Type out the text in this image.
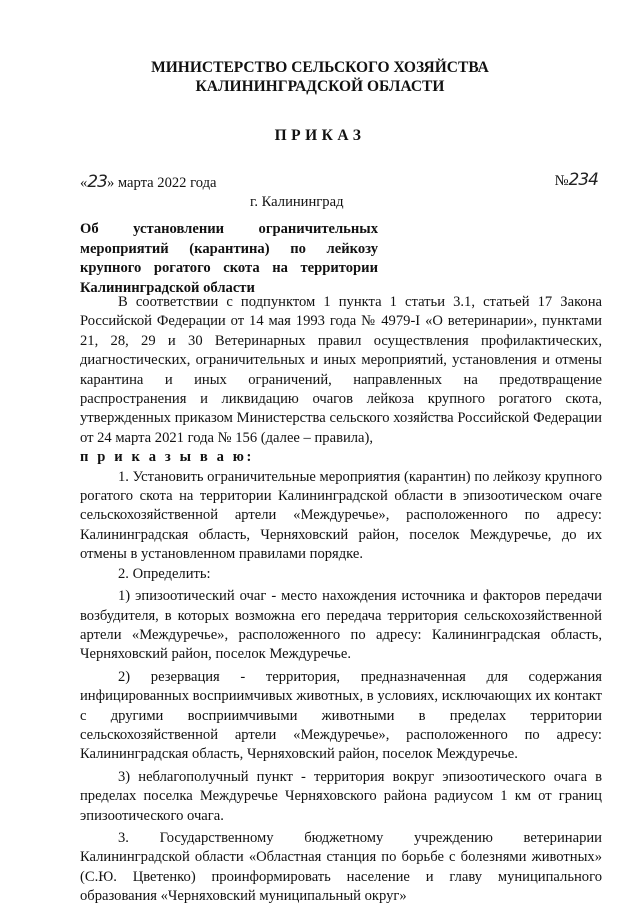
МИНИСТЕРСТВО СЕЛЬСКОГО ХОЗЯЙСТВА
КАЛИНИНГРАДСКОЙ ОБЛАСТИ
ПРИКАЗ
«23» марта 2022 года	№234
г. Калининград
Об установлении ограничительных мероприятий (карантина) по лейкозу крупного рогатого скота на территории Калининградской области

В соответствии с подпунктом 1 пункта 1 статьи 3.1, статьей 17 Закона Российской Федерации от 14 мая 1993 года № 4979-I «О ветеринарии», пунктами 21, 28, 29 и 30 Ветеринарных правил осуществления профилактических, диагностических, ограничительных и иных мероприятий, установления и отмены карантина и иных ограничений, направленных на предотвращение распространения и ликвидацию очагов лейкоза крупного рогатого скота, утвержденных приказом Министерства сельского хозяйства Российской Федерации от 24 марта 2021 года № 156 (далее – правила),
п р и к а з ы в а ю:

1. Установить ограничительные мероприятия (карантин) по лейкозу крупного рогатого скота на территории Калининградской области в эпизоотическом очаге сельскохозяйственной артели «Междуречье», расположенного по адресу: Калининградская область, Черняховский район, поселок Междуречье, до их отмены в установленном правилами порядке.

2. Определить:

1) эпизоотический очаг - место нахождения источника и факторов передачи возбудителя, в которых возможна его передача территория сельскохозяйственной артели «Междуречье», расположенного по адресу: Калининградская область, Черняховский район, поселок Междуречье.

2) резервация - территория, предназначенная для содержания инфицированных восприимчивых животных, в условиях, исключающих их контакт с другими восприимчивыми животными в пределах территории сельскохозяйственной артели «Междуречье», расположенного по адресу: Калининградская область, Черняховский район, поселок Междуречье.

3) неблагополучный пункт - территория вокруг эпизоотического очага в пределах поселка Междуречье Черняховского района радиусом 1 км от границ эпизоотического очага.

3. Государственному бюджетному учреждению ветеринарии Калининградской области «Областная станция по борьбе с болезнями животных» (С.Ю. Цветенко) проинформировать население и главу муниципального образования «Черняховский муниципальный округ»
